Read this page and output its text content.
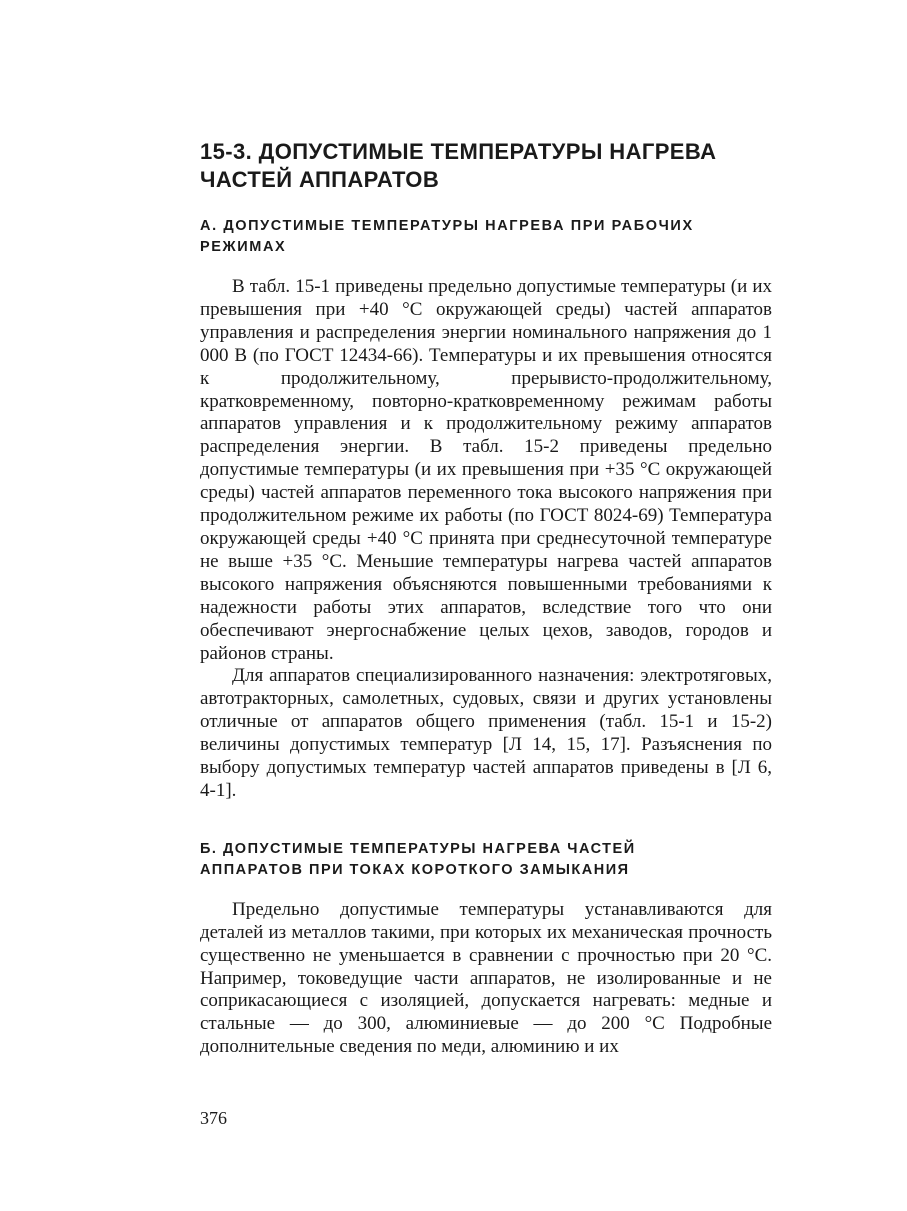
15-3. ДОПУСТИМЫЕ ТЕМПЕРАТУРЫ НАГРЕВА
ЧАСТЕЙ АППАРАТОВ
А. ДОПУСТИМЫЕ ТЕМПЕРАТУРЫ НАГРЕВА ПРИ РАБОЧИХ
РЕЖИМАХ

В табл. 15-1 приведены предельно допустимые температуры (и их превышения при +40 °С окружающей среды) частей аппаратов управления и распределения энергии номинального напряжения до 1 000 В (по ГОСТ 12434-66). Температуры и их превышения относятся к продолжительному, прерывисто-продолжительному, кратковременному, повторно-кратковременному режимам работы аппаратов управления и к продолжительному режиму аппаратов распределения энергии. В табл. 15-2 приведены предельно допустимые температуры (и их превышения при +35 °С окружающей среды) частей аппаратов переменного тока высокого напряжения при продолжительном режиме их работы (по ГОСТ 8024-69) Температура окружающей среды +40 °С принята при среднесуточной температуре не выше +35 °С. Меньшие температуры нагрева частей аппаратов высокого напряжения объясняются повышенными требованиями к надежности работы этих аппаратов, вследствие того что они обеспечивают энергоснабжение целых цехов, заводов, городов и районов страны.

Для аппаратов специализированного назначения: электротяговых, автотракторных, самолетных, судовых, связи и других установлены отличные от аппаратов общего применения (табл. 15-1 и 15-2) величины допустимых температур [Л 14, 15, 17]. Разъяснения по выбору допустимых температур частей аппаратов приведены в [Л 6, 4-1].

Б. ДОПУСТИМЫЕ ТЕМПЕРАТУРЫ НАГРЕВА ЧАСТЕЙ
АППАРАТОВ ПРИ ТОКАХ КОРОТКОГО ЗАМЫКАНИЯ

Предельно допустимые температуры устанавливаются для деталей из металлов такими, при которых их механическая прочность существенно не уменьшается в сравнении с прочностью при 20 °С. Например, токоведущие части аппаратов, не изолированные и не соприкасающиеся с изоляцией, допускается нагревать: медные и стальные — до 300, алюминиевые — до 200 °С Подробные дополнительные сведения по меди, алюминию и их

376
